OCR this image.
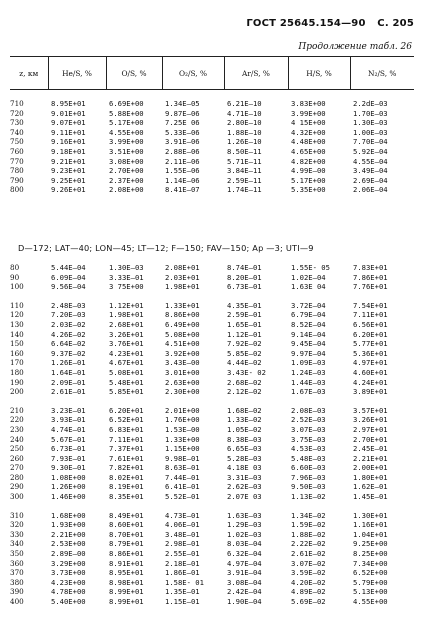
ГОСТ 25645.154—90 С. 205
Продолжение табл. 26
z, км	He/S, %	O/S, %	O₂/S, %	Ar/S, %	H/S, %	N₂/S, %

710	8.95E+01	6.69E+00	1.34E—05	6.21E—10	3.83E+00	2.2dE—03
720	9.01E+01	5.88E+00	9.87E—06	4.71E—10	3.99E+00	1.70E—03
730	9.07E+01	5.17E+00	7.25E 06	2.80E—10	4 15E+00	1.30E—03
740	9.11E+01	4.55E+00	5.33E—06	1.88E—10	4.32E+00	1.00E—03
750	9.16E+01	3.99E+00	3.91E—06	1.26E—10	4.48E+00	7.70E—04
760	9.18E+01	3.51E+00	2.88E—06	8.50E—11	4.65E+00	5.92E—04
770	9.21E+01	3.08E+00	2.11E—06	5.71E—11	4.82E+00	4.55E—04
780	9.23E+01	2.70E+00	1.55E—06	3.84E—11	4.99E—00	3.49E—04
790	9.25E+01	2.37E+00	1.14E—06	2.59E—11	5.17E+00	2.69E—04
800	9.26E+01	2.08E+00	8.41E—07	1.74E—11	5.35E+00	2.06E—04
D—172; LAT—40; LON—45; LT—12; F—150; FAV—150; Ap —3; UTI—9
80	5.44E—04	1.30E—03	2.08E+01	8.74E—01	1.55E- 05	7.83E+01
90	6.09E—04	3.33E—01	2.03E+01	8.20E—01	1.02E—04	7.86E+01
100	9.56E—04	3 75E+00	1.98E+01	6.73E—01	1.63E 04	7.76E+01

110	2.48E—03	1.12E+01	1.33E+01	4.35E—01	3.72E—04	7.54E+01
120	7.20E—03	1.98E+01	8.86E+00	2.59E—01	6.79E—04	7.11E+01
130	2.03E—02	2.68E+01	6.49E+00	1.65E—01	8.52E—04	6.56E+01
140	4.26E—02	3.26E+01	5.08E+00	1.12E—01	9.14E—04	6.20E+01
150	6.64E—02	3.76E+01	4.51E+00	7.92E—02	9.45E—04	5.77E+01
160	9.37E—02	4.23E+01	3.92E+00	5.85E—02	9.97E—04	5.36E+01
170	1.26E—01	4.67E+01	3.43E—00	4.44E—02	1.09E—03	4.97E+01
180	1.64E—01	5.08E+01	3.01E+00	3.43E- 02	1.24E—03	4.60E+01
190	2.09E—01	5.48E+01	2.63E+00	2.68E—02	1.44E—03	4.24E+01
200	2.61E—01	5.85E+01	2.30E+00	2.12E—02	1.67E—03	3.89E+01

210	3.23E—01	6.20E+01	2.01E+00	1.68E—02	2.08E—03	3.57E+01
220	3.93E—01	6.52E+01	1.76E+00	1.33E—02	2.52E—03	3.26E+01
230	4.74E—01	6.83E+01	1.53E—00	1.05E—02	3.07E—03	2.97E+01
240	5.67E—01	7.11E+01	1.33E+00	8.38E—03	3.75E—03	2.70E+01
250	6.73E—01	7.37E+01	1.15E+00	6.65E—03	4.53E—03	2.45E—01
260	7.93E—01	7.61E+01	9.98E—01	5.28E—03	5.48E—03	2.21E+01
270	9.30E—01	7.82E+01	8.63E—01	4.18E 03	6.60E—03	2.00E+01
280	1.08E+00	8.02E+01	7.44E—01	3.31E—03	7.96E—03	1.80E+01
290	1.26E+00	8.19E+01	6.41E—01	2.62E—03	9.50E—03	1.62E—01
300	1.46E+00	8.35E+01	5.52E—01	2.07E 03	1.13E—02	1.45E—01

310	1.68E+00	8.49E+01	4.73E—01	1.63E—03	1.34E—02	1.30E+01
320	1.93E+00	8.60E+01	4.06E—01	1.29E—03	1.59E—02	1.16E+01
330	2.21E+00	8.70E+01	3.48E—01	1.02E—03	1.88E—02	1.04E+01
340	2.53E+00	8.79E+01	2.98E—01	8.03E—04	2.22E—02	9.25E+00
350	2.89E—00	8.86E+01	2.55E—01	6.32E—04	2.61E—02	8.25E+00
360	3.29E+00	8.91E+01	2.18E—01	4.97E—04	3.07E—02	7.34E+00
370	3.73E+00	8.95E+01	1.86E—01	3.91E—04	3.59E—02	6.52E+00
380	4.23E+00	8.98E+01	1.58E- 01	3.08E—04	4.20E—02	5.79E+00
390	4.78E+00	8.99E+01	1.35E—01	2.42E—04	4.89E—02	5.13E+00
400	5.40E+00	8.99E+01	1.15E—01	1.90E—04	5.69E—02	4.55E+00
